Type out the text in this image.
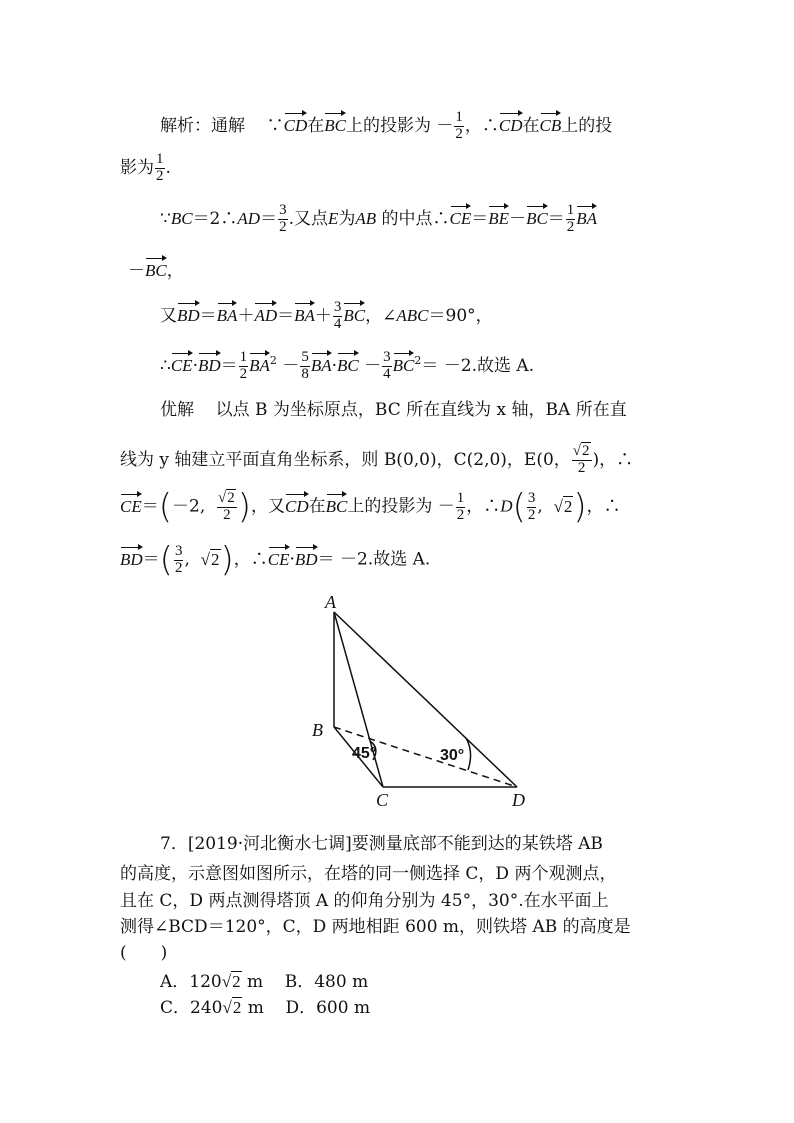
解析：通解 ∵CD在BC上的投影为 － $\frac{1}{2}$ ，∴CD在CB上的投
影为 $\frac{1}{2}$ .
∵BC＝2∴AD＝ $\frac{3}{2}$ .又点E为AB 的中点∴CE＝BE－BC＝ $\frac{1}{2}$ BA
－BC，
又$BD=BA+AD=BA+ \frac{3}{4}$ BC，∠ABC＝90°，
∴CE·BD＝ $\frac{1}{2} BA^2 - \frac{5}{8} BA\cdot BC - \frac{3}{4} BC^2= -2$.故选 A.
优解 以点 B 为坐标原点，BC 所在直线为 x 轴，BA 所在直
线为 y 轴建立平面直角坐标系，则 B(0,0)，C(2,0)，E(0， $\frac{√2}{2}$ )，∴
CE＝(－2, $\frac{√2}{2}$ )，又CD在BC上的投影为 － $\frac{1}{2}$ ，∴D( $\frac{3}{2}$ ,  √2)，∴
$BD=( \frac{3}{2}$ ,  √2)，∴CE·BD＝ －2.故选 A.
A
B
C	D
45°	30°
7．[2019·河北衡水七调]要测量底部不能到达的某铁塔 AB
的高度，示意图如图所示，在塔的同一侧选择 C，D 两个观测点，
且在 C，D 两点测得塔顶 A 的仰角分别为 45°，30°.在水平面上
测得∠BCD＝120°，C，D 两地相距 600 m，则铁塔 AB 的高度是
(　　)
A．120√2 m B．480 m
C．240√2 m D．600 m
